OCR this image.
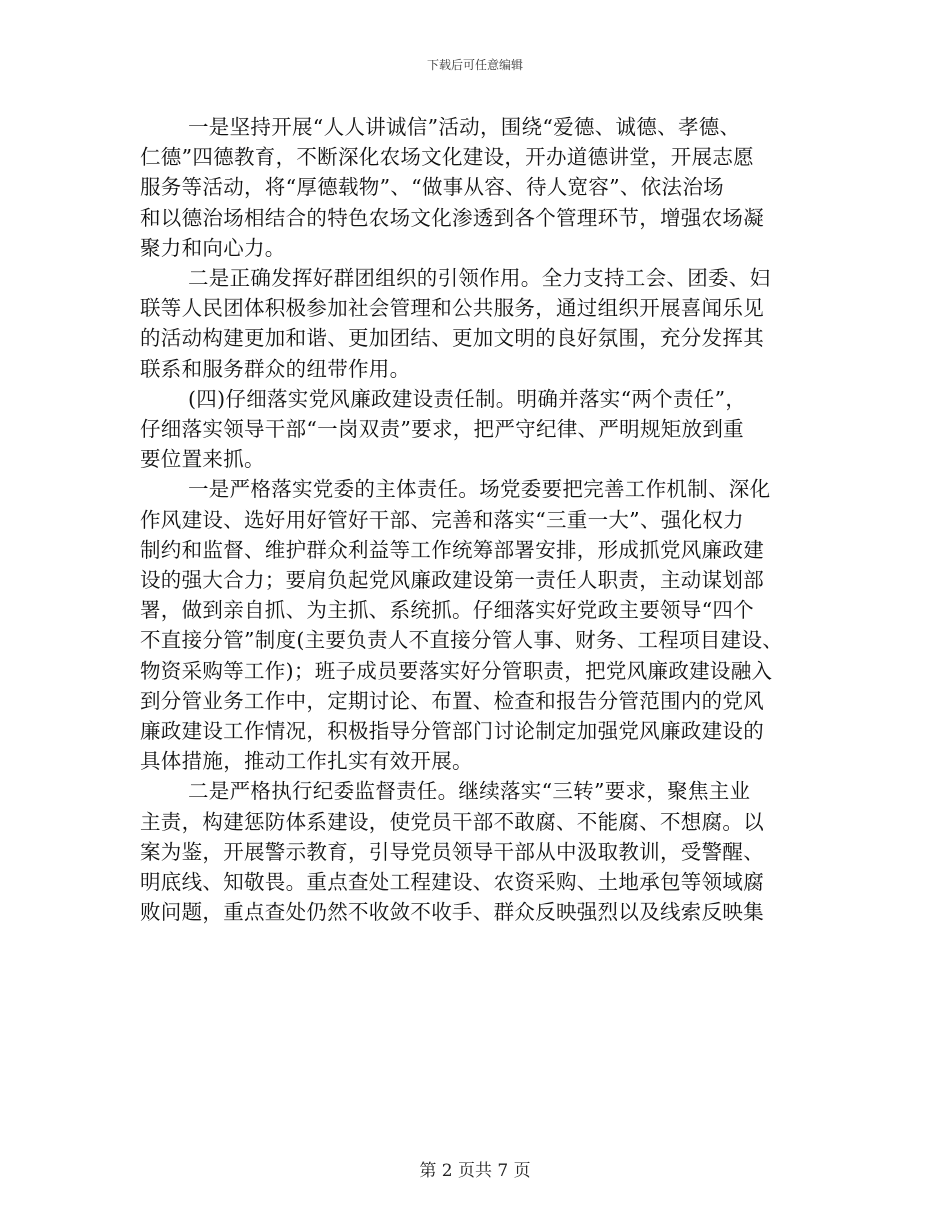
下载后可任意编辑
一是坚持开展“人人讲诚信”活动，围绕“爱德、诚德、孝德、
仁德”四德教育，不断深化农场文化建设，开办道德讲堂，开展志愿
服务等活动，将“厚德载物”、“做事从容、待人宽容”、依法治场
和以德治场相结合的特色农场文化渗透到各个管理环节，增强农场凝
聚力和向心力。
二是正确发挥好群团组织的引领作用。全力支持工会、团委、妇
联等人民团体积极参加社会管理和公共服务，通过组织开展喜闻乐见
的活动构建更加和谐、更加团结、更加文明的良好氛围，充分发挥其
联系和服务群众的纽带作用。
(四)仔细落实党风廉政建设责任制。明确并落实“两个责任”，
仔细落实领导干部“一岗双责”要求，把严守纪律、严明规矩放到重
要位置来抓。
一是严格落实党委的主体责任。场党委要把完善工作机制、深化
作风建设、选好用好管好干部、完善和落实“三重一大”、强化权力
制约和监督、维护群众利益等工作统筹部署安排，形成抓党风廉政建
设的强大合力；要肩负起党风廉政建设第一责任人职责，主动谋划部
署，做到亲自抓、为主抓、系统抓。仔细落实好党政主要领导“四个
不直接分管”制度(主要负责人不直接分管人事、财务、工程项目建设、
物资采购等工作)；班子成员要落实好分管职责，把党风廉政建设融入
到分管业务工作中，定期讨论、布置、检查和报告分管范围内的党风
廉政建设工作情况，积极指导分管部门讨论制定加强党风廉政建设的
具体措施，推动工作扎实有效开展。
二是严格执行纪委监督责任。继续落实“三转”要求，聚焦主业
主责，构建惩防体系建设，使党员干部不敢腐、不能腐、不想腐。以
案为鉴，开展警示教育，引导党员领导干部从中汲取教训，受警醒、
明底线、知敬畏。重点查处工程建设、农资采购、土地承包等领域腐
败问题，重点查处仍然不收敛不收手、群众反映强烈以及线索反映集
第 2 页共 7 页
